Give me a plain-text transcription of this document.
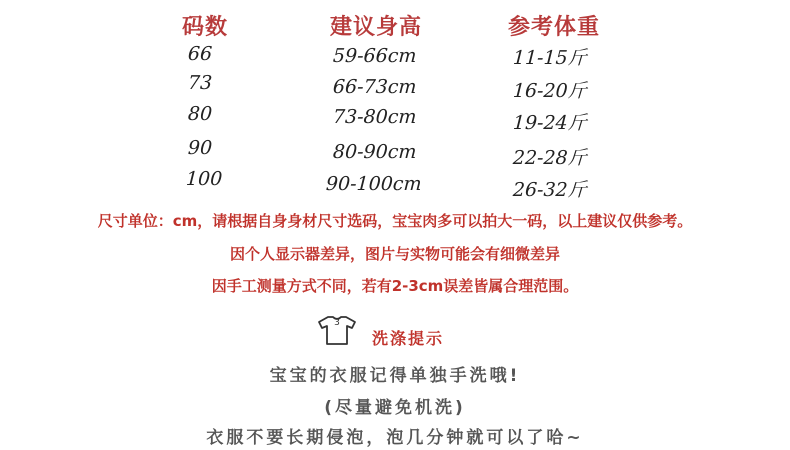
码数	建议身高	参考体重
66	59-66cm	11-15斤
73	66-73cm	16-20斤
80	73-80cm	19-24斤
90	80-90cm	22-28斤
100	90-100cm	26-32斤
尺寸单位：cm，请根据自身身材尺寸选码，宝宝肉多可以拍大一码，以上建议仅供参考。
因个人显示器差异，图片与实物可能会有细微差异
因手工测量方式不同，若有2-3cm误差皆属合理范围。
3
洗涤提示
宝宝的衣服记得单独手洗哦!
(尽量避免机洗)
衣服不要长期侵泡，泡几分钟就可以了哈~
